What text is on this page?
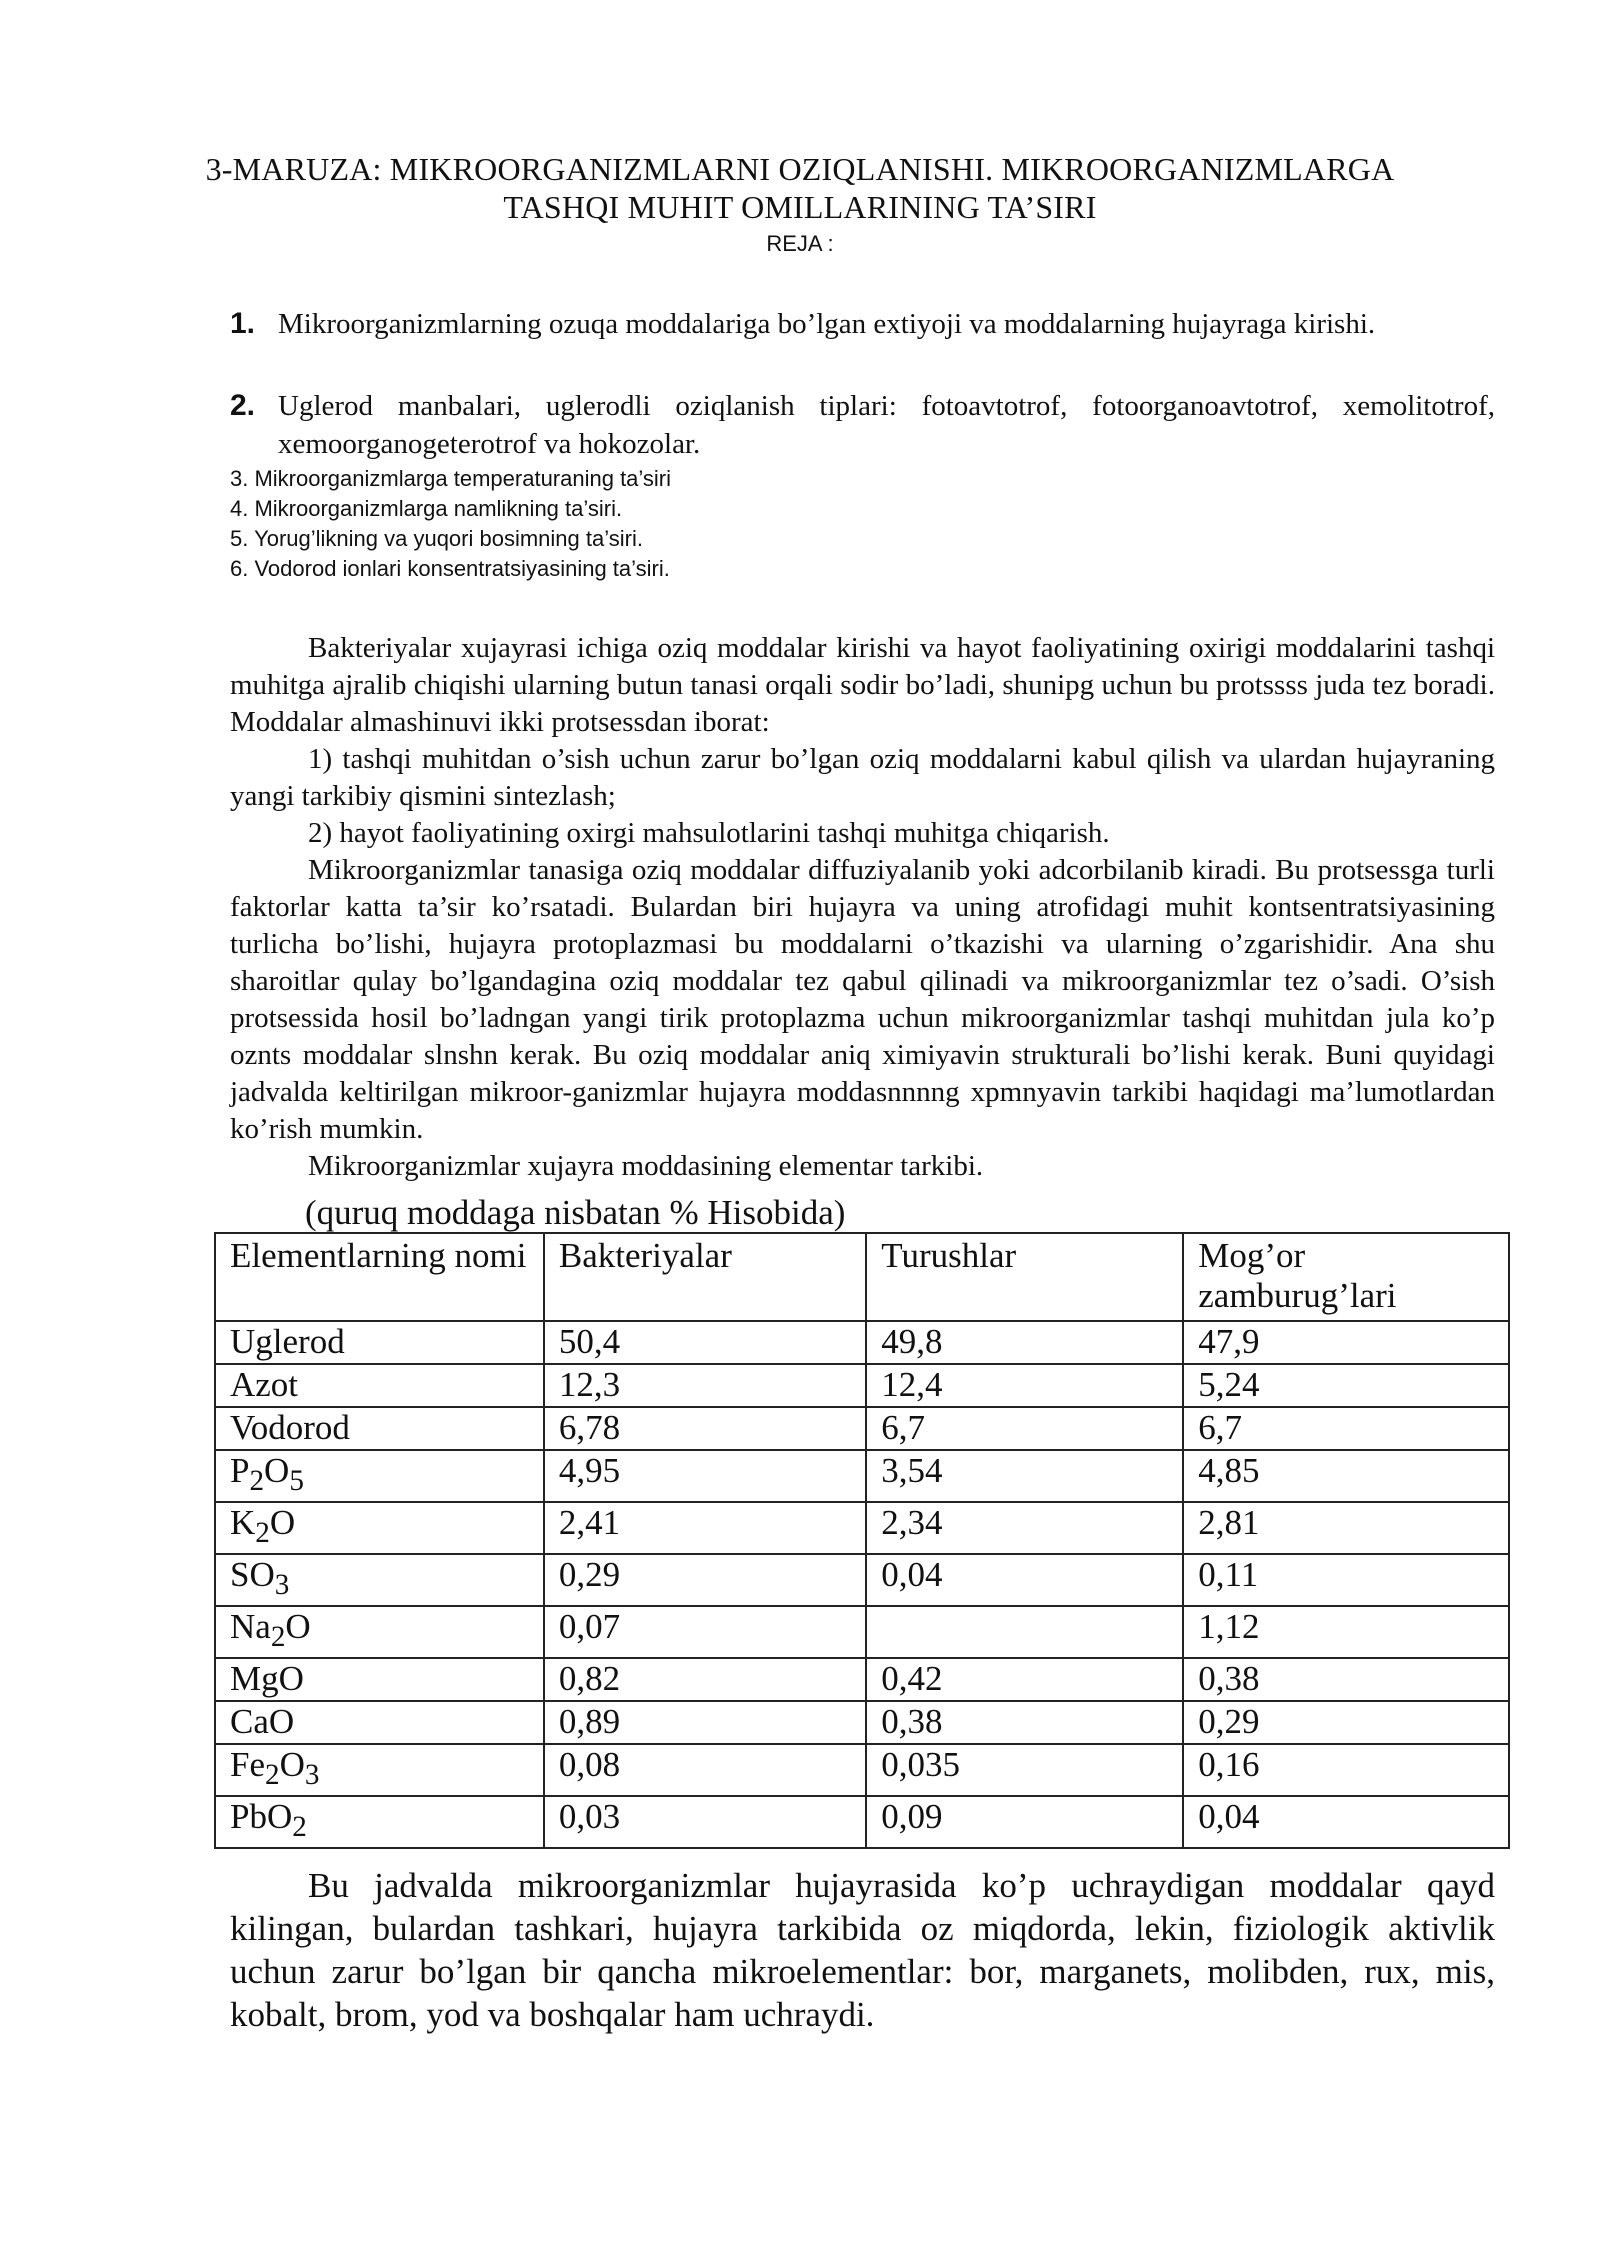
3-MARUZA: MIKROORGANIZMLARNI OZIQLANISHI. MIKROORGANIZMLARGA
TASHQI MUHIT OMILLARINING TA’SIRI
REJA :
1. Mikroorganizmlarning ozuqa moddalariga bo’lgan extiyoji va moddalarning hujayraga kirishi.
2. Uglerod manbalari, uglerodli oziqlanish tiplari: fotoavtotrof, fotoorganoavtotrof, xemolitotrof, xemoorganogeterotrof va hokozolar.
3. Mikroorganizmlarga temperaturaning ta’siri
4. Mikroorganizmlarga namlikning ta’siri.
5. Yorug’likning va yuqori bosimning ta’siri.
6. Vodorod ionlari konsentratsiyasining ta’siri.

Bakteriyalar xujayrasi ichiga oziq moddalar kirishi va hayot faoliyatining oxirigi moddalarini tashqi muhitga ajralib chiqishi ularning butun tanasi orqali sodir bo’ladi, shunipg uchun bu protssss juda tez boradi. Moddalar almashinuvi ikki protsessdan iborat:

1) tashqi muhitdan o’sish uchun zarur bo’lgan oziq moddalarni kabul qilish va ulardan hujayraning yangi tarkibiy qismini sintezlash;

2) hayot faoliyatining oxirgi mahsulotlarini tashqi muhitga chiqarish.

Mikroorganizmlar tanasiga oziq moddalar diffuziyalanib yoki adcorbilanib kiradi. Bu protsessga turli faktorlar katta ta’sir ko’rsatadi. Bulardan biri hujayra va uning atrofidagi muhit kontsentratsiyasining turlicha bo’lishi, hujayra protoplazmasi bu moddalarni o’tkazishi va ularning o’zgarishidir. Ana shu sharoitlar qulay bo’lgandagina oziq moddalar tez qabul qilinadi va mikroorganizmlar tez o’sadi. O’sish protsessida hosil bo’ladngan yangi tirik protoplazma uchun mikroorganizmlar tashqi muhitdan jula ko’p oznts moddalar slnshn kerak. Bu oziq moddalar aniq ximiyavin strukturali bo’lishi kerak. Buni quyidagi jadvalda keltirilgan mikroor-ganizmlar hujayra moddasnnnng xpmnyavin tarkibi haqidagi ma’lumotlardan ko’rish mumkin.

Mikroorganizmlar xujayra moddasining elementar tarkibi.

(quruq moddaga nisbatan % Hisobida)
Elementlarning nomi	Bakteriyalar	Turushlar	Mog’or zamburug’lari
Uglerod	50,4	49,8	47,9
Azot	12,3	12,4	5,24
Vodorod	6,78	6,7	6,7
$P_2O_5$	4,95	3,54	4,85
$K_2O$	2,41	2,34	2,81
$SO_3$	0,29	0,04	0,11
$Na_2O$	0,07		1,12
MgO	0,82	0,42	0,38
CaO	0,89	0,38	0,29
$Fe_2O_3$	0,08	0,035	0,16
PbO$_2$	0,03	0,09	0,04
Bu jadvalda mikroorganizmlar hujayrasida ko’p uchraydigan moddalar qayd kilingan, bulardan tashkari, hujayra tarkibida oz miqdorda, lekin, fiziologik aktivlik uchun zarur bo’lgan bir qancha mikroelementlar: bor, marganets, molibden, rux, mis, kobalt, brom, yod va boshqalar ham uchraydi.
